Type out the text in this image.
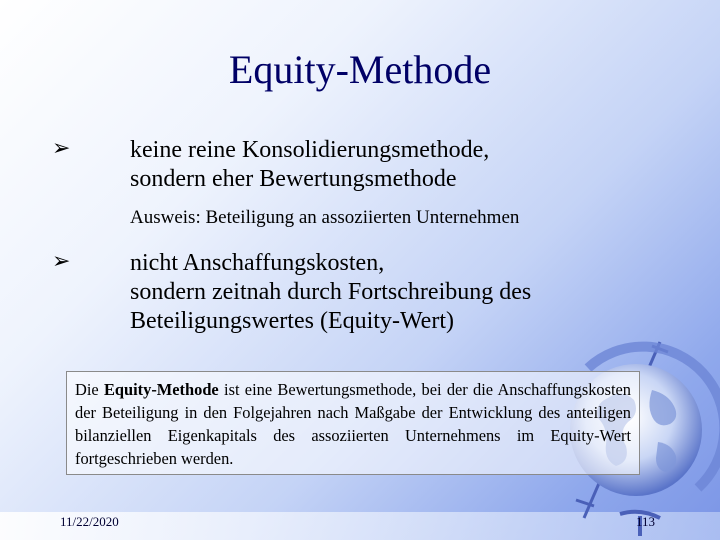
Equity-Methode
➢ keine reine Konsolidierungsmethode,
sondern eher Bewertungsmethode
Ausweis: Beteiligung an assoziierten Unternehmen
➢ nicht Anschaffungskosten,
sondern zeitnah durch Fortschreibung des
Beteiligungswertes (Equity-Wert)
Die Equity-Methode ist eine Bewertungsmethode, bei der die Anschaffungskosten der Beteiligung in den Folgejahren nach Maßgabe der Entwicklung des anteiligen bilanziellen Eigenkapitals des assoziierten Unternehmens im Equity-Wert fortgeschrieben werden.
11/22/2020	113
